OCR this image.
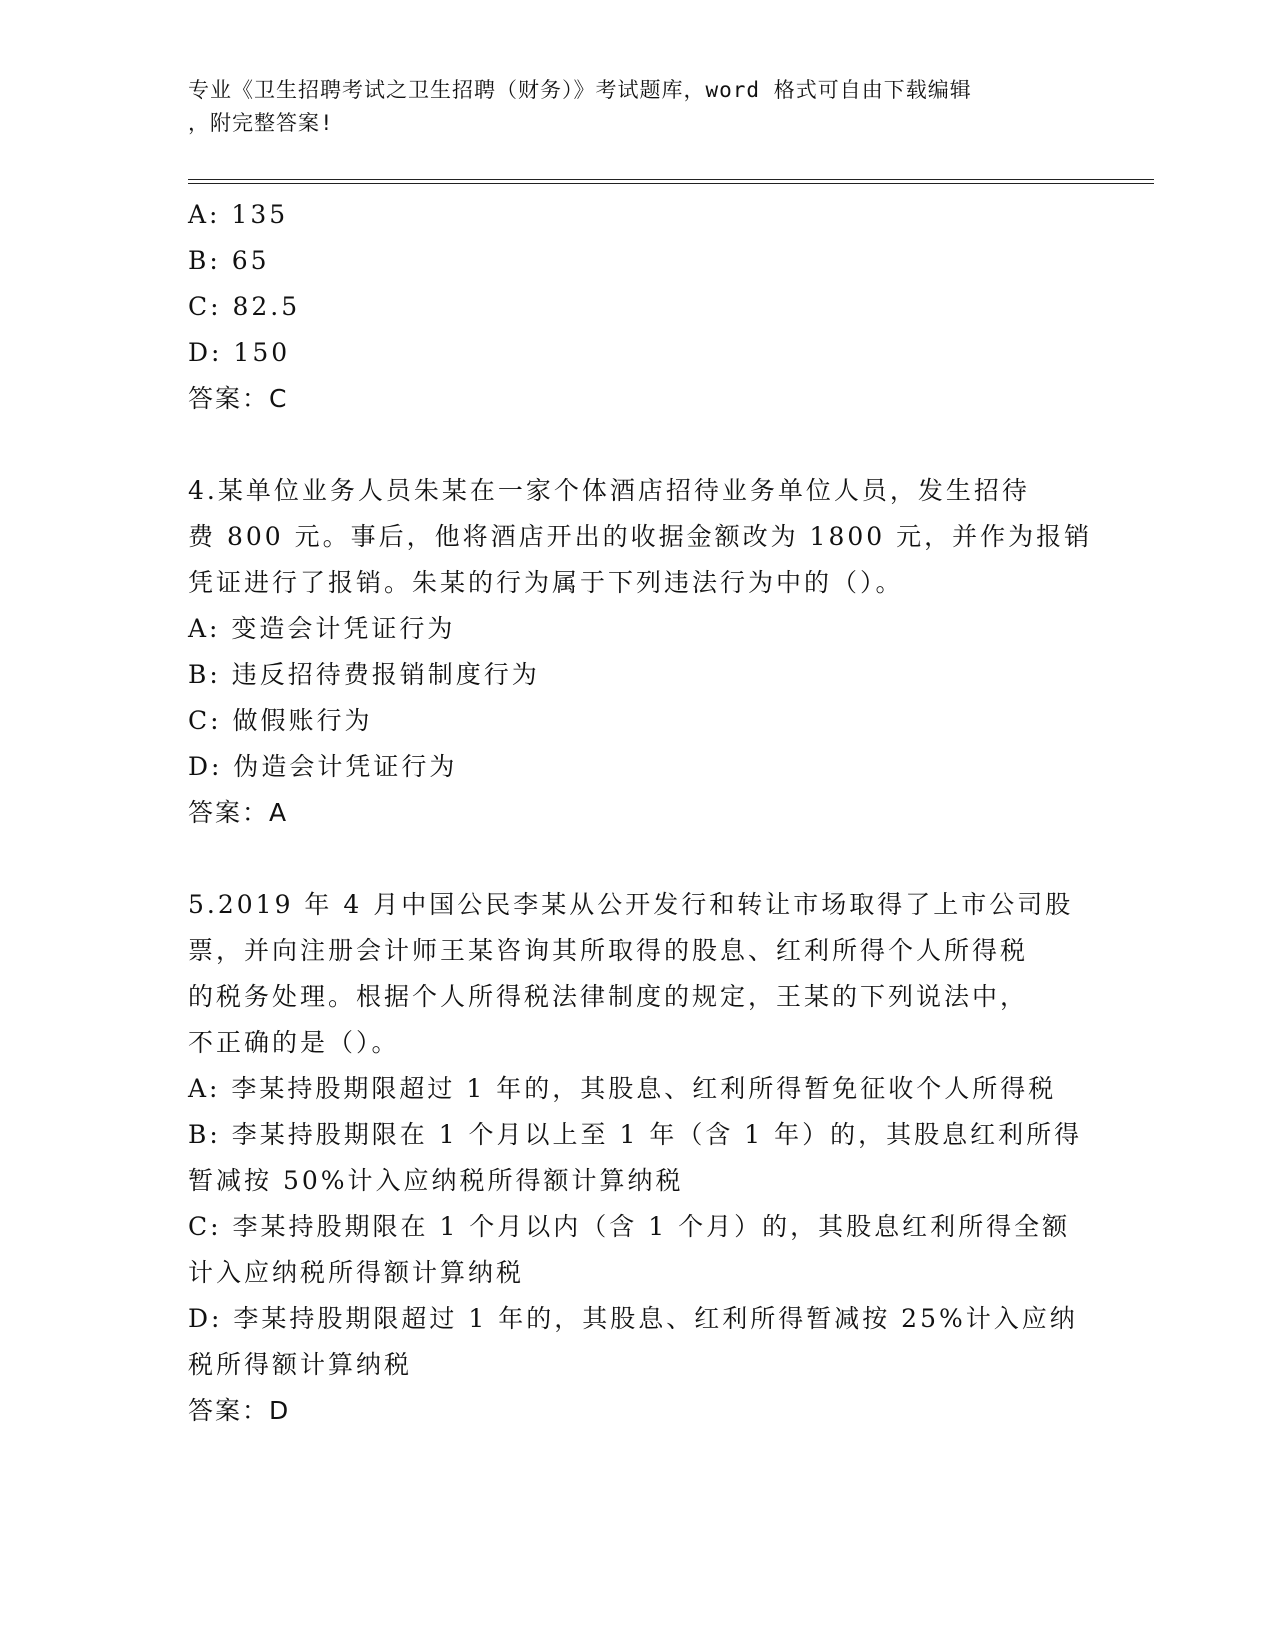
专业《卫生招聘考试之卫生招聘（财务）》考试题库，word 格式可自由下载编辑
，附完整答案!
A: 135
B: 65
C: 82.5
D: 150
答案：C
4.某单位业务人员朱某在一家个体酒店招待业务单位人员，发生招待
费 800 元。事后，他将酒店开出的收据金额改为 1800 元，并作为报销
凭证进行了报销。朱某的行为属于下列违法行为中的（）。
A: 变造会计凭证行为
B: 违反招待费报销制度行为
C: 做假账行为
D: 伪造会计凭证行为
答案：A
5.2019 年 4 月中国公民李某从公开发行和转让市场取得了上市公司股
票，并向注册会计师王某咨询其所取得的股息、红利所得个人所得税
的税务处理。根据个人所得税法律制度的规定，王某的下列说法中，
不正确的是（）。
A: 李某持股期限超过 1 年的，其股息、红利所得暂免征收个人所得税
B: 李某持股期限在 1 个月以上至 1 年（含 1 年）的，其股息红利所得
暂减按 50%计入应纳税所得额计算纳税
C: 李某持股期限在 1 个月以内（含 1 个月）的，其股息红利所得全额
计入应纳税所得额计算纳税
D: 李某持股期限超过 1 年的，其股息、红利所得暂减按 25%计入应纳
税所得额计算纳税
答案：D
